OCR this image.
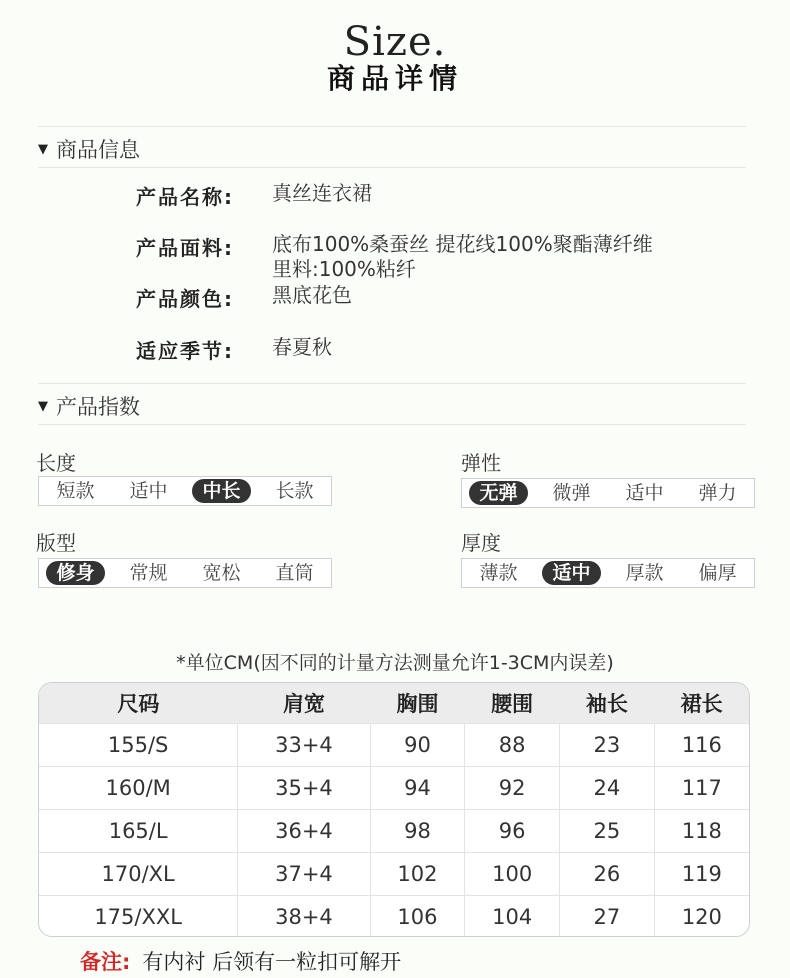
Size.
商品详情
▼ 商品信息
产品名称:	真丝连衣裙
产品面料:	底布100%桑蚕丝 提花线100%聚酯薄纤维
里料:100%粘纤
产品颜色:	黑底花色
适应季节:	春夏秋
▼ 产品指数
长度
短款	适中	中长	长款
弹性
无弹	微弹	适中	弹力
版型
修身	常规	宽松	直筒
厚度
薄款	适中	厚款	偏厚
*单位CM(因不同的计量方法测量允许1-3CM内误差)
尺码	肩宽	胸围	腰围	袖长	裙长
155/S	33+4	90	88	23	116
160/M	35+4	94	92	24	117
165/L	36+4	98	96	25	118
170/XL	37+4	102	100	26	119
175/XXL	38+4	106	104	27	120
备注: 有内衬 后领有一粒扣可解开
